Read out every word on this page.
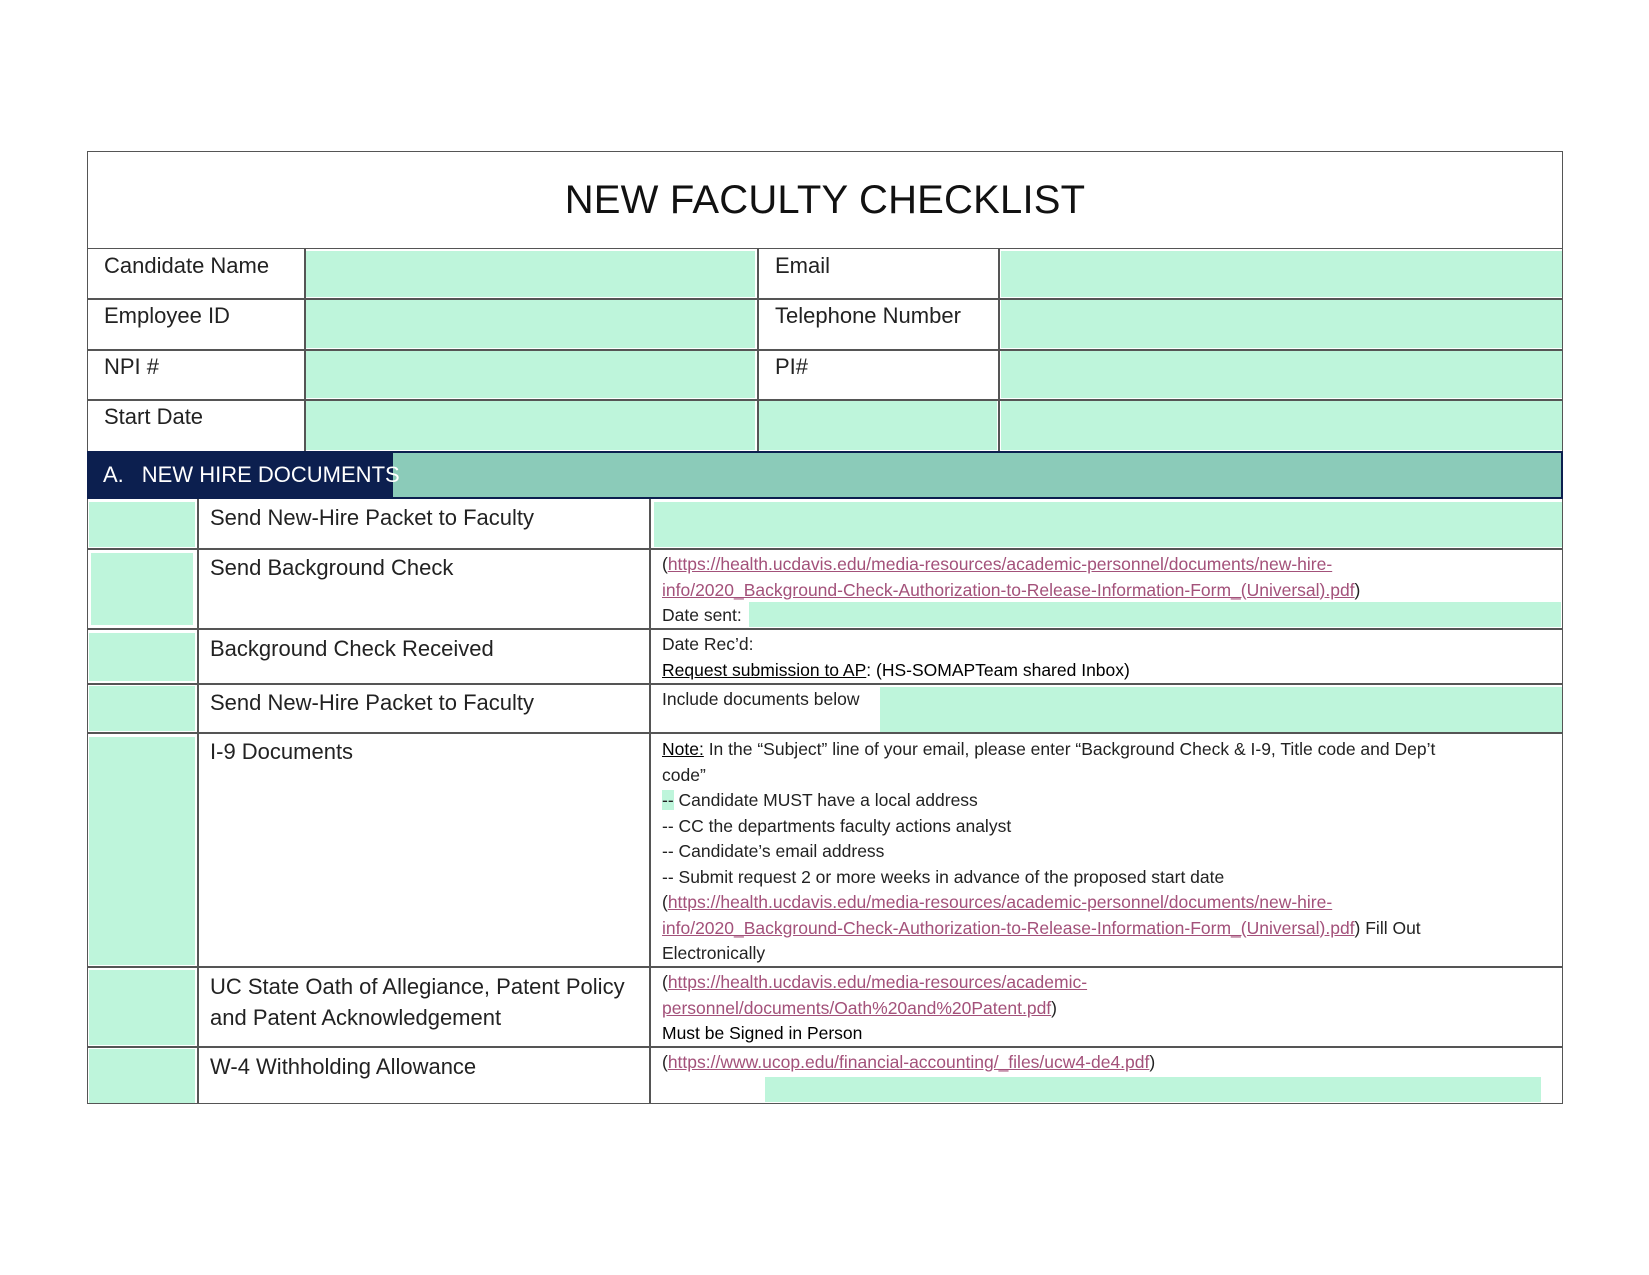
NEW FACULTY CHECKLIST
Candidate Name	Email
Employee ID	Telephone Number
NPI #	PI#
Start Date
A. NEW HIRE DOCUMENTS
Send New-Hire Packet to Faculty
Send Background Check	(https://health.ucdavis.edu/media-resources/academic-personnel/documents/new-hire-
info/2020_Background-Check-Authorization-to-Release-Information-Form_(Universal).pdf)
Date sent:
Background Check Received	Date Rec’d:
Request submission to AP: (HS-SOMAPTeam shared Inbox)
Send New-Hire Packet to Faculty	Include documents below
I-9 Documents	Note: In the “Subject” line of your email, please enter “Background Check & I-9, Title code and Dep’t
code”
-- Candidate MUST have a local address
-- CC the departments faculty actions analyst
-- Candidate’s email address
-- Submit request 2 or more weeks in advance of the proposed start date
(https://health.ucdavis.edu/media-resources/academic-personnel/documents/new-hire-
info/2020_Background-Check-Authorization-to-Release-Information-Form_(Universal).pdf) Fill Out
Electronically
UC State Oath of Allegiance, Patent Policy
and Patent Acknowledgement
(https://health.ucdavis.edu/media-resources/academic-
personnel/documents/Oath%20and%20Patent.pdf)
Must be Signed in Person
W-4 Withholding Allowance	(https://www.ucop.edu/financial-accounting/_files/ucw4-de4.pdf)
